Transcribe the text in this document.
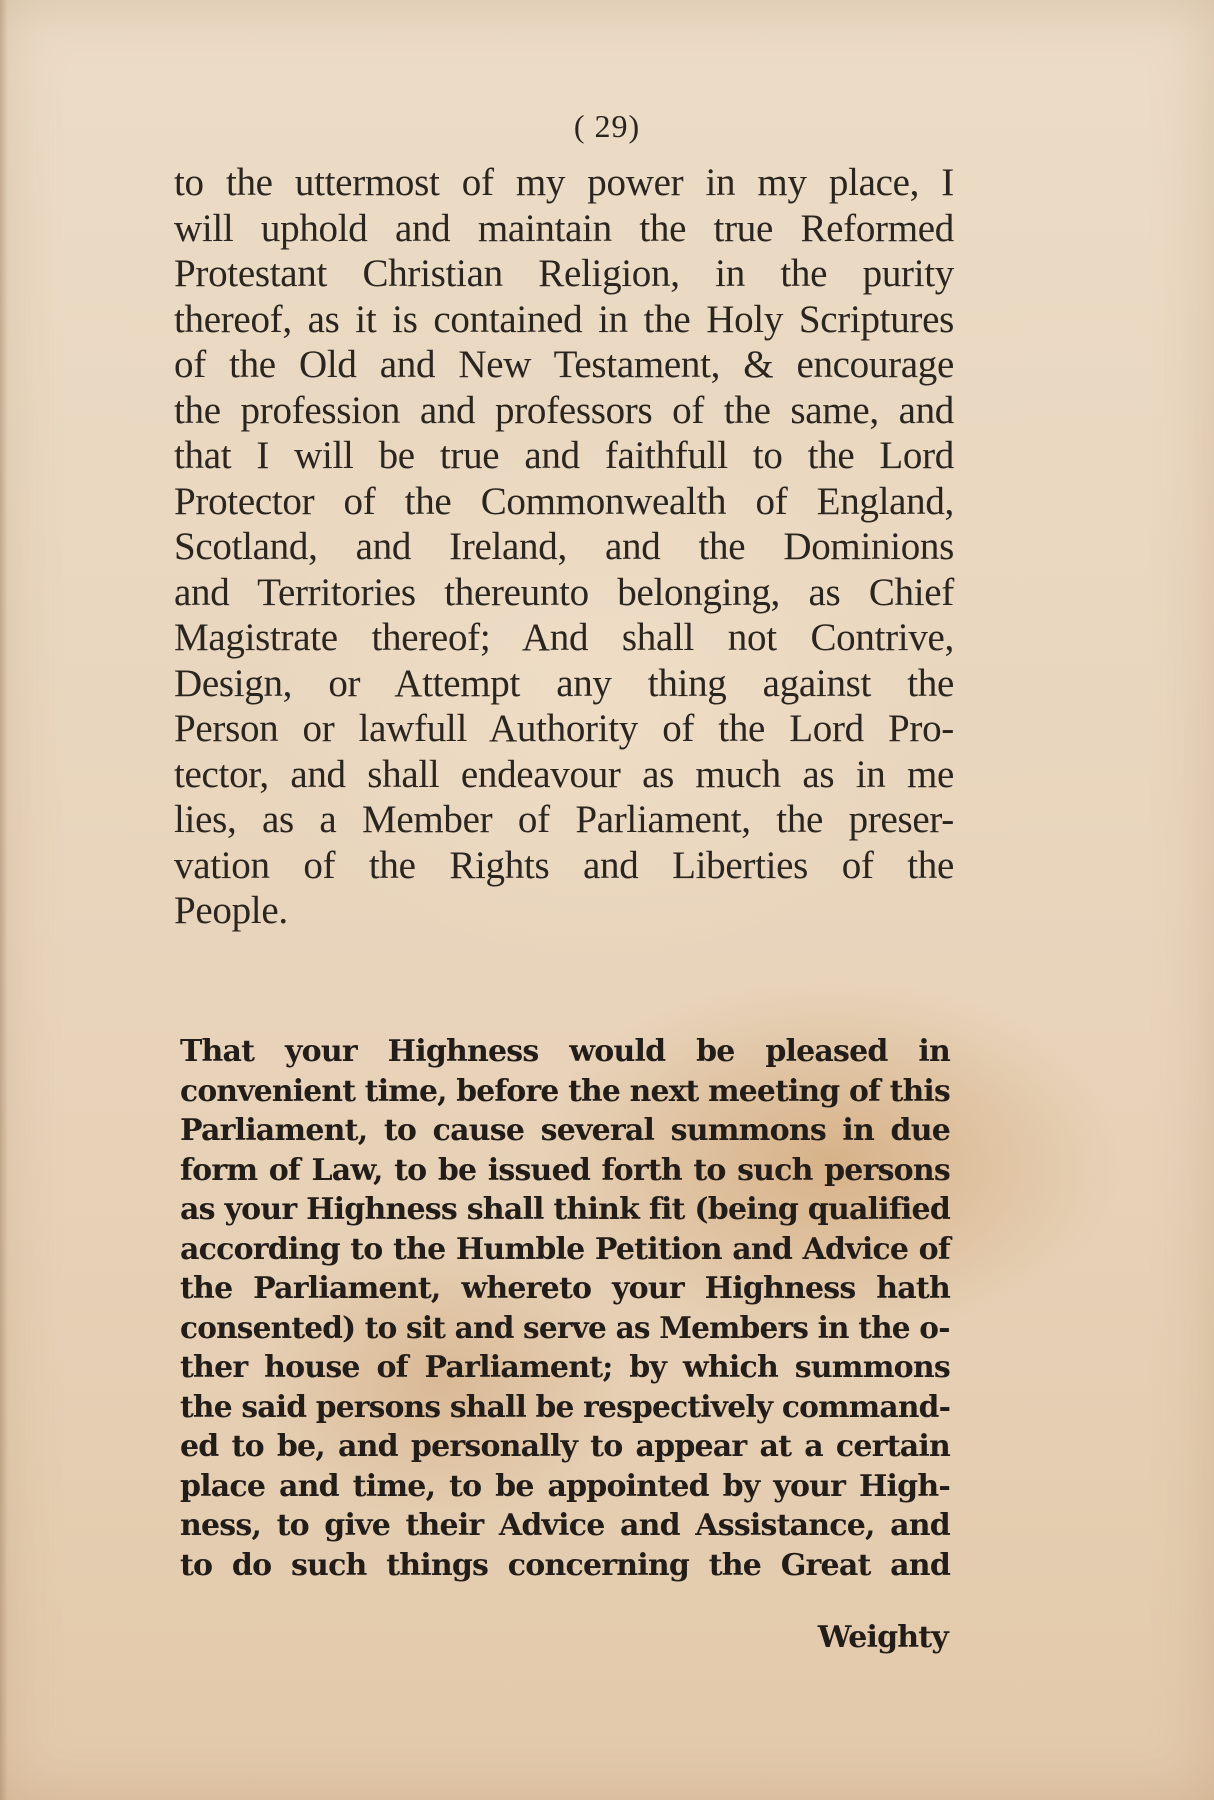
( 29)
to the uttermost of my power in my place, I
will uphold and maintain the true Reformed
Protestant Christian Religion, in the purity
thereof, as it is contained in the Holy Scriptures
of the Old and New Testament, & encourage
the profession and professors of the same, and
that I will be true and faithfull to the Lord
Protector of the Commonwealth of England,
Scotland, and Ireland, and the Dominions
and Territories thereunto belonging, as Chief
Magistrate thereof; And shall not Contrive,
Design, or Attempt any thing against the
Person or lawfull Authority of the Lord Pro-
tector, and shall endeavour as much as in me
lies, as a Member of Parliament, the preser-
vation of the Rights and Liberties of the
People.
That your Highness would be pleased in
convenient time, before the next meeting of this
Parliament, to cause several summons in due
form of Law, to be issued forth to such persons
as your Highness shall think fit (being qualified
according to the Humble Petition and Advice of
the Parliament, whereto your Highness hath
consented) to sit and serve as Members in the o-
ther house of Parliament; by which summons
the said persons shall be respectively command-
ed to be, and personally to appear at a certain
place and time, to be appointed by your High-
ness, to give their Advice and Assistance, and
to do such things concerning the Great and
Weighty
